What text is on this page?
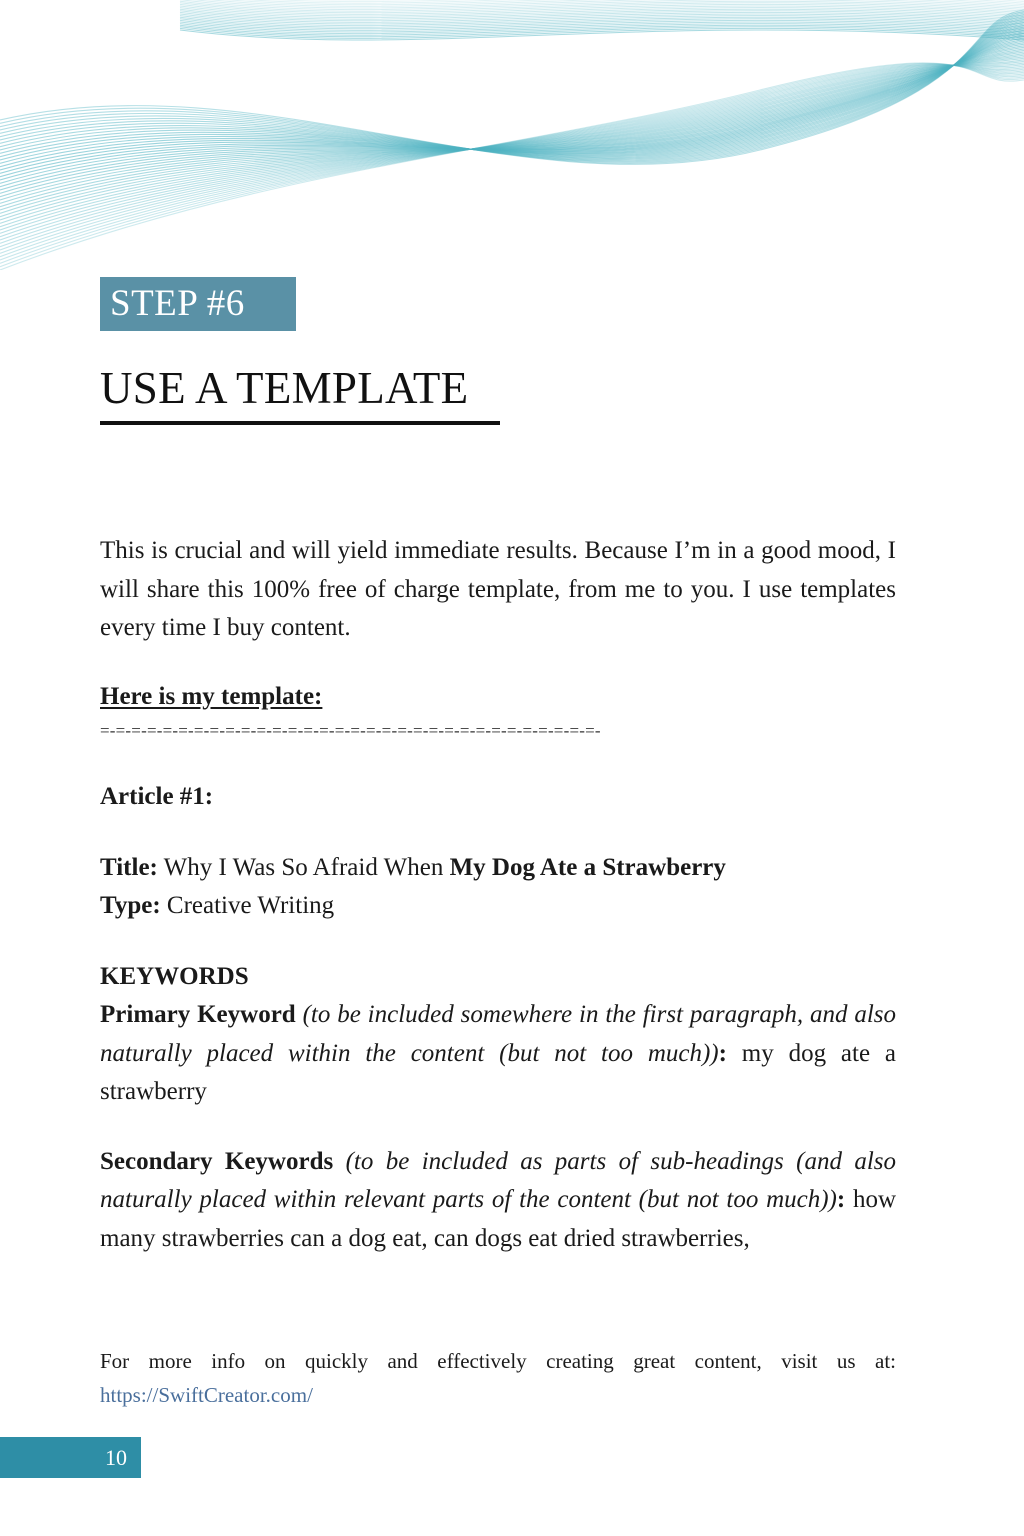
STEP #6
USE A TEMPLATE

This is crucial and will yield immediate results. Because I’m in a good mood, I will share this 100% free of charge template, from me to you. I use templates every time I buy content.

Here is my template:

=-=-=-=-=-=-=-=-=-=-=-=-=-=-=-=-=-=-=-=-=-=-=-=-=-=-=-=-=-=-=-=-

Article #1:

Title: Why I Was So Afraid When My Dog Ate a Strawberry

Type: Creative Writing

KEYWORDS

Primary Keyword (to be included somewhere in the first paragraph, and also naturally placed within the content (but not too much)): my dog ate a strawberry

Secondary Keywords (to be included as parts of sub-headings (and also naturally placed within relevant parts of the content (but not too much)): how many strawberries can a dog eat, can dogs eat dried strawberries,

For more info on quickly and effectively creating great content, visit us at:

https://SwiftCreator.com/
10
